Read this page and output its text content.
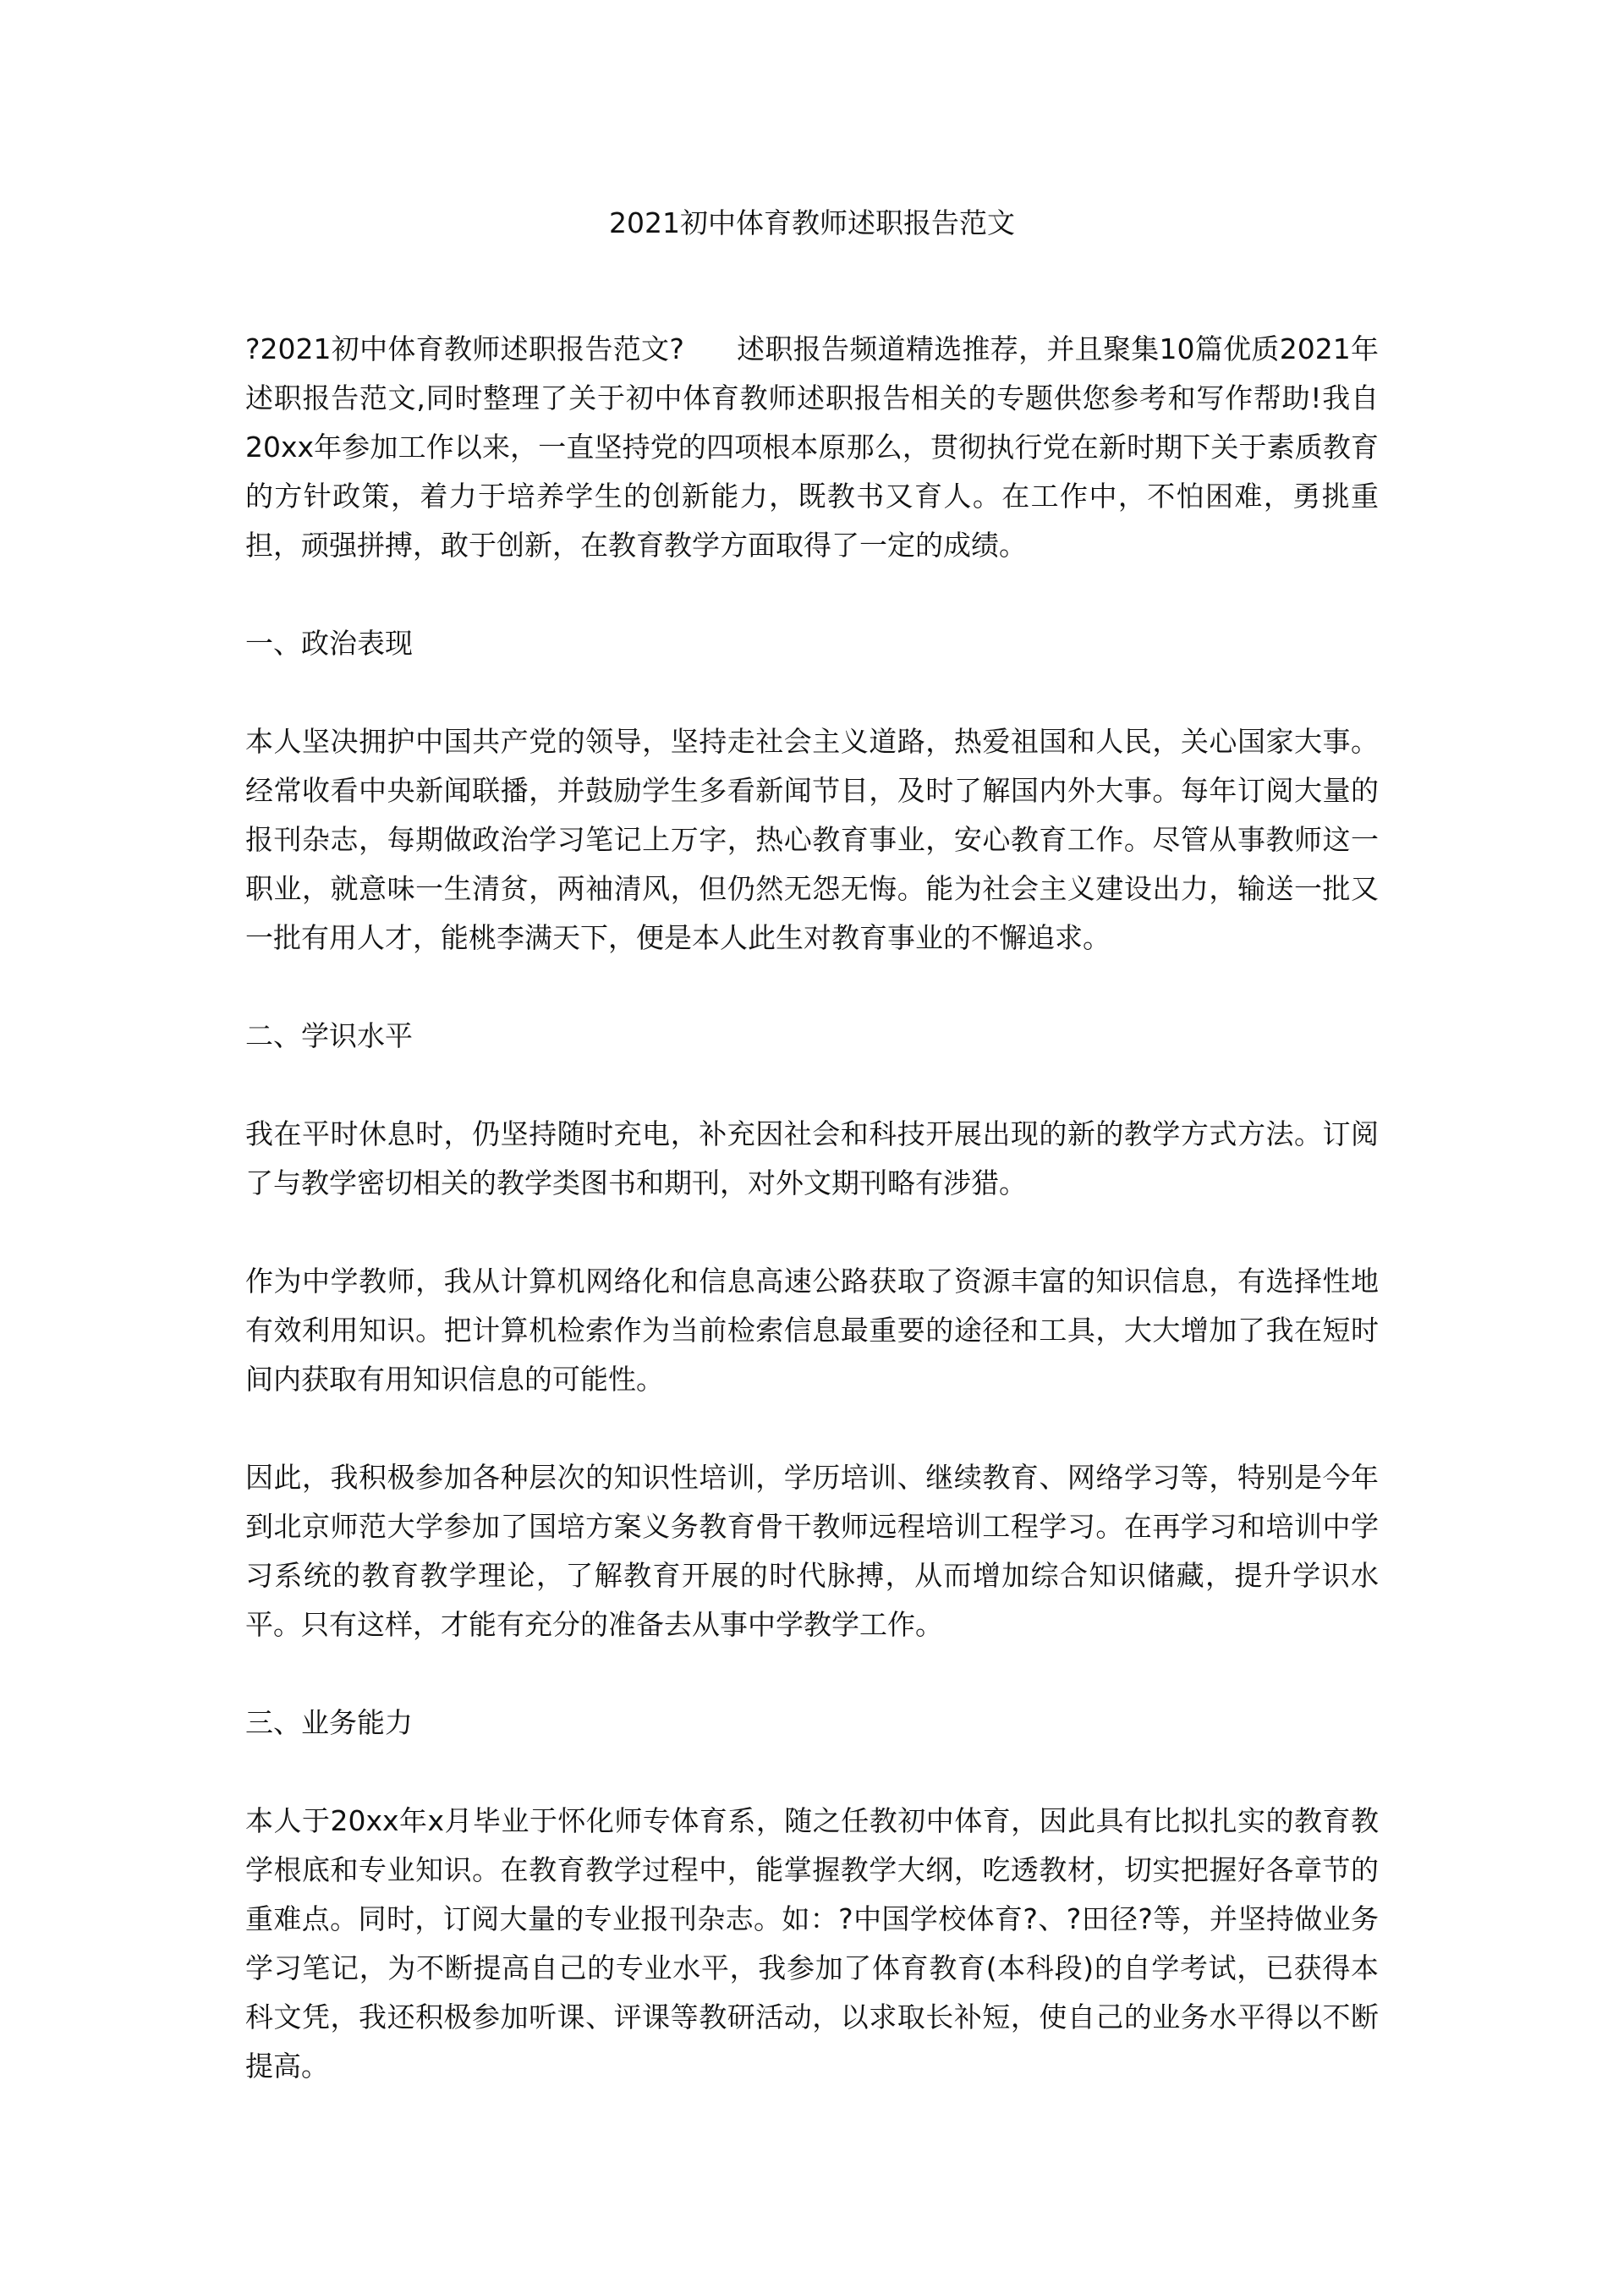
2021初中体育教师述职报告范文

?2021初中体育教师述职报告范文? 述职报告频道精选推荐，并且聚集10篇优质2021年述职报告范文,同时整理了关于初中体育教师述职报告相关的专题供您参考和写作帮助!我自20xx年参加工作以来，一直坚持党的四项根本原那么，贯彻执行党在新时期下关于素质教育的方针政策，着力于培养学生的创新能力，既教书又育人。在工作中，不怕困难，勇挑重担，顽强拼搏，敢于创新，在教育教学方面取得了一定的成绩。

一、政治表现

本人坚决拥护中国共产党的领导，坚持走社会主义道路，热爱祖国和人民，关心国家大事。经常收看中央新闻联播，并鼓励学生多看新闻节目，及时了解国内外大事。每年订阅大量的报刊杂志，每期做政治学习笔记上万字，热心教育事业，安心教育工作。尽管从事教师这一职业，就意味一生清贫，两袖清风，但仍然无怨无悔。能为社会主义建设出力，输送一批又一批有用人才，能桃李满天下，便是本人此生对教育事业的不懈追求。

二、学识水平

我在平时休息时，仍坚持随时充电，补充因社会和科技开展出现的新的教学方式方法。订阅了与教学密切相关的教学类图书和期刊，对外文期刊略有涉猎。

作为中学教师，我从计算机网络化和信息高速公路获取了资源丰富的知识信息，有选择性地有效利用知识。把计算机检索作为当前检索信息最重要的途径和工具，大大增加了我在短时间内获取有用知识信息的可能性。

因此，我积极参加各种层次的知识性培训，学历培训、继续教育、网络学习等，特别是今年到北京师范大学参加了国培方案义务教育骨干教师远程培训工程学习。在再学习和培训中学习系统的教育教学理论，了解教育开展的时代脉搏，从而增加综合知识储藏，提升学识水平。只有这样，才能有充分的准备去从事中学教学工作。

三、业务能力

本人于20xx年x月毕业于怀化师专体育系，随之任教初中体育，因此具有比拟扎实的教育教学根底和专业知识。在教育教学过程中，能掌握教学大纲，吃透教材，切实把握好各章节的重难点。同时，订阅大量的专业报刊杂志。如：?中国学校体育?、?田径?等，并坚持做业务学习笔记，为不断提高自己的专业水平，我参加了体育教育(本科段)的自学考试，已获得本科文凭，我还积极参加听课、评课等教研活动，以求取长补短，使自己的业务水平得以不断提高。
